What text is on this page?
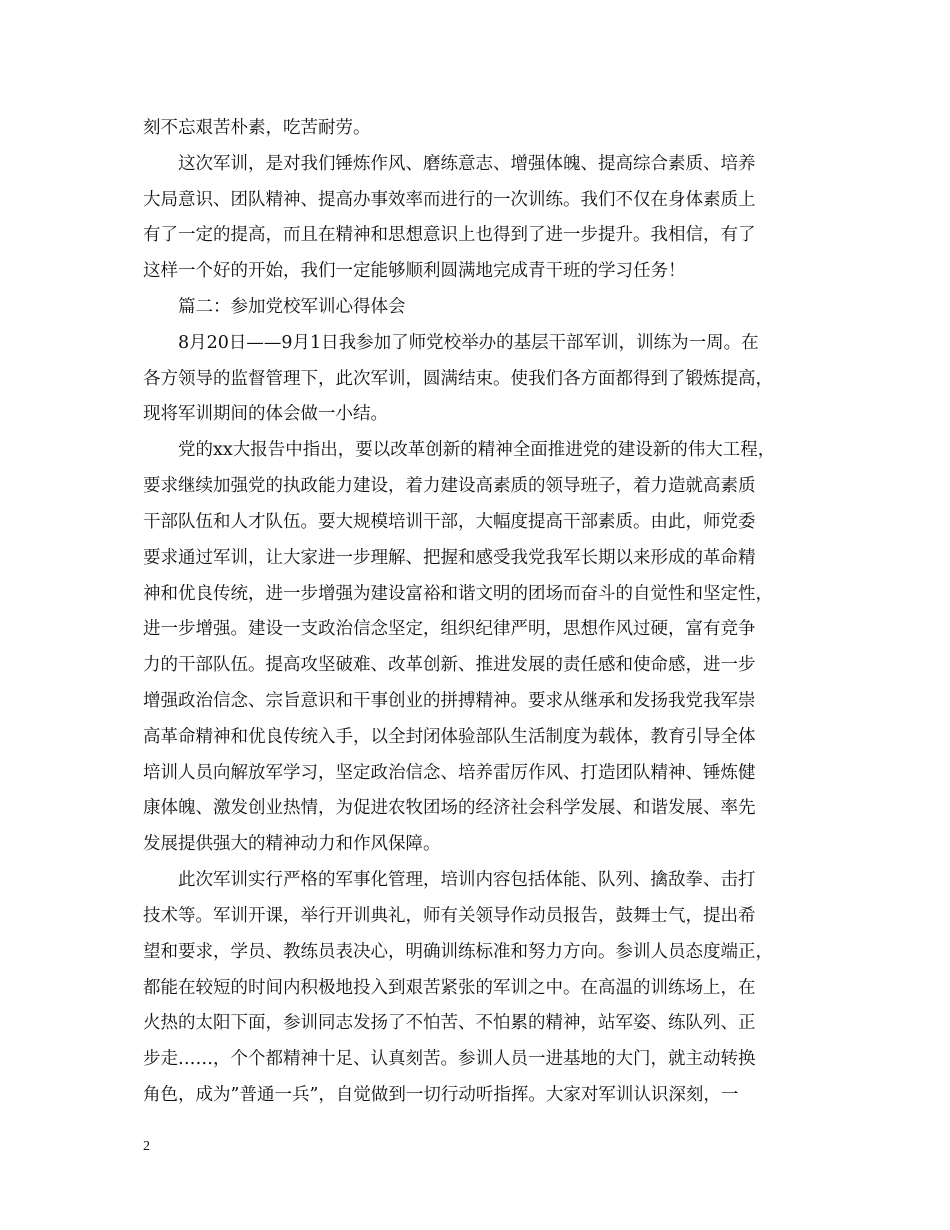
刻不忘艰苦朴素，吃苦耐劳。
　　这次军训，是对我们锤炼作风、磨练意志、增强体魄、提高综合素质、培养
大局意识、团队精神、提高办事效率而进行的一次训练。我们不仅在身体素质上
有了一定的提高，而且在精神和思想意识上也得到了进一步提升。我相信，有了
这样一个好的开始，我们一定能够顺利圆满地完成青干班的学习任务！
　　篇二：参加党校军训心得体会
　　8月20日——9月1日我参加了师党校举办的基层干部军训，训练为一周。在
各方领导的监督管理下，此次军训，圆满结束。使我们各方面都得到了锻炼提高，
现将军训期间的体会做一小结。
　　党的xx大报告中指出，要以改革创新的精神全面推进党的建设新的伟大工程，
要求继续加强党的执政能力建设，着力建设高素质的领导班子，着力造就高素质
干部队伍和人才队伍。要大规模培训干部，大幅度提高干部素质。由此，师党委
要求通过军训，让大家进一步理解、把握和感受我党我军长期以来形成的革命精
神和优良传统，进一步增强为建设富裕和谐文明的团场而奋斗的自觉性和坚定性，
进一步增强。建设一支政治信念坚定，组织纪律严明，思想作风过硬，富有竞争
力的干部队伍。提高攻坚破难、改革创新、推进发展的责任感和使命感，进一步
增强政治信念、宗旨意识和干事创业的拼搏精神。要求从继承和发扬我党我军崇
高革命精神和优良传统入手，以全封闭体验部队生活制度为载体，教育引导全体
培训人员向解放军学习，坚定政治信念、培养雷厉作风、打造团队精神、锤炼健
康体魄、激发创业热情，为促进农牧团场的经济社会科学发展、和谐发展、率先
发展提供强大的精神动力和作风保障。
　　此次军训实行严格的军事化管理，培训内容包括体能、队列、擒敌拳、击打
技术等。军训开课，举行开训典礼，师有关领导作动员报告，鼓舞士气，提出希
望和要求，学员、教练员表决心，明确训练标准和努力方向。参训人员态度端正，
都能在较短的时间内积极地投入到艰苦紧张的军训之中。在高温的训练场上，在
火热的太阳下面，参训同志发扬了不怕苦、不怕累的精神，站军姿、练队列、正
步走……，个个都精神十足、认真刻苦。参训人员一进基地的大门，就主动转换
角色，成为”普通一兵”，自觉做到一切行动听指挥。大家对军训认识深刻，一
2
